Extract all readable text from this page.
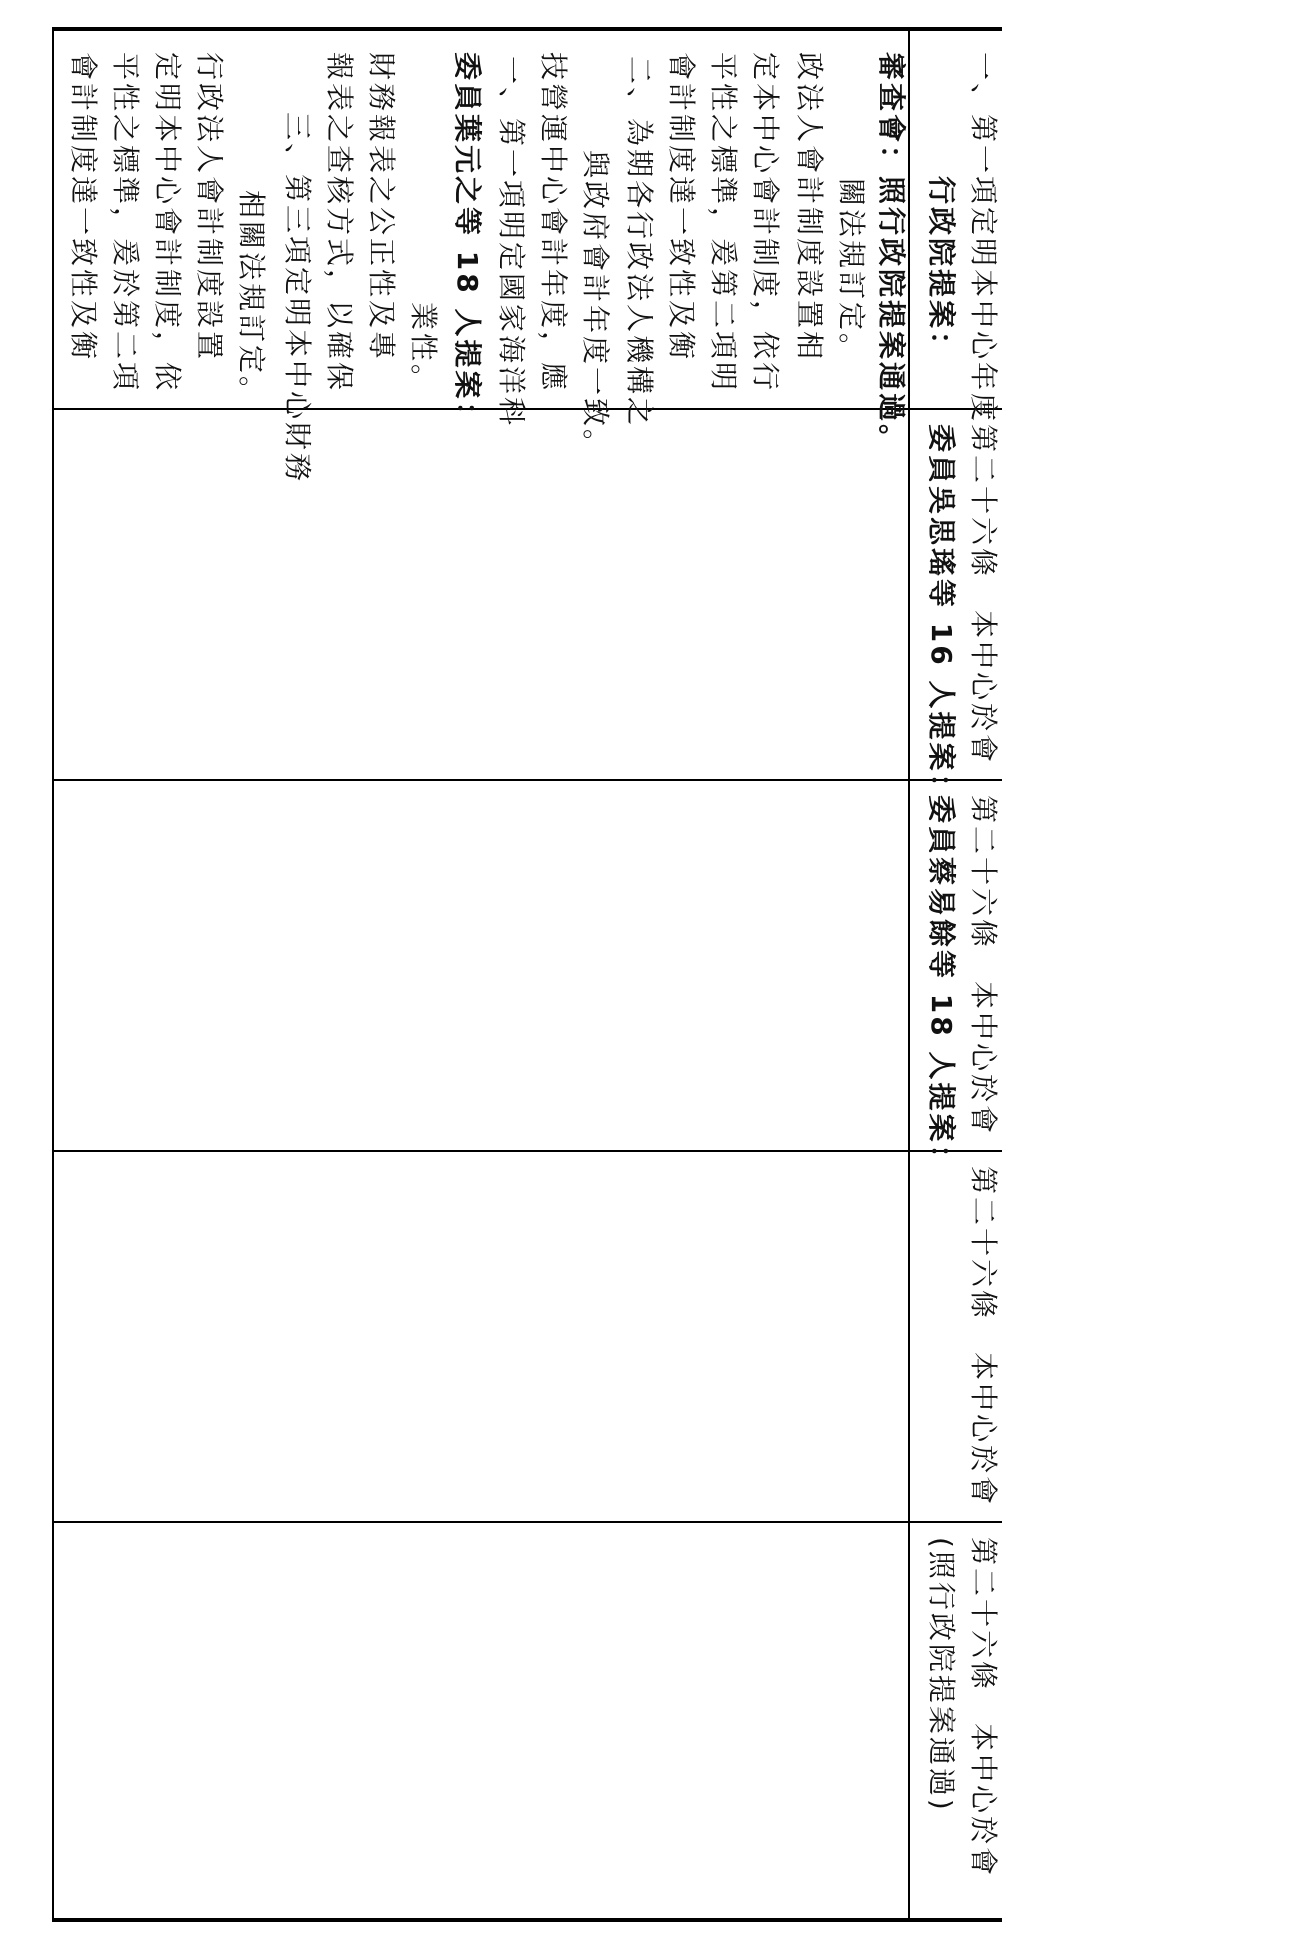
會計制度達一致性及衡 平性之標準，爰於第二項 定明本中心會計制度，依 行政法人會計制度設置 相關法規訂定。 三、第三項定明本中心財務 報表之查核方式，以確保 財務報表之公正性及專 業性。 委員葉元之等 18 人提案： 一、第一項明定國家海洋科 技營運中心會計年度，應 與政府會計年度一致。 二、為期各行政法人機構之 會計制度達一致性及衡 平性之標準，爰第二項明 定本中心會計制度，依行 政法人會計制度設置相 關法規訂定。 審查會：照行政院提案通過。 行政院提案： 一、第一項定明本中心年度
委員吳思瑤等 16 人提案： 第二十六條　本中心於會
委員蔡易餘等 18 人提案： 第二十六條　本中心於會
第二十六條　本中心於會
(照行政院提案通過) 第二十六條　本中心於會
